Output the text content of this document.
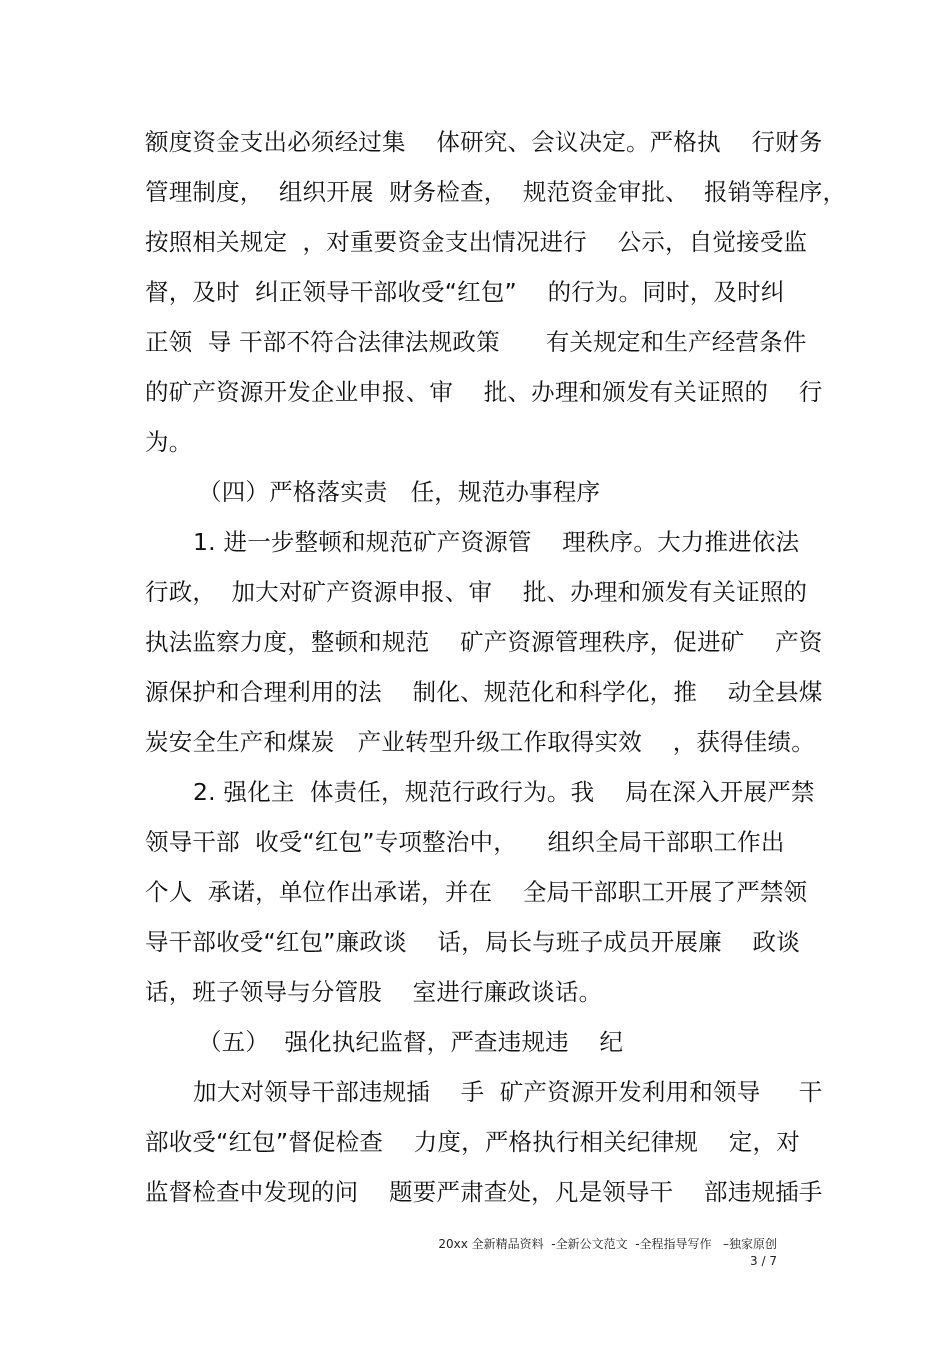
额度资金支出必须经过集    体研究、会议决定。严格执    行财务
管理制度，  组织开展  财务检查，  规范资金审批、  报销等程序，
按照相关规定  ，对重要资金支出情况进行    公示，自觉接受监
督，及时  纠正领导干部收受“红包”    的行为。同时，及时纠
正领  导 干部不符合法律法规政策      有关规定和生产经营条件
的矿产资源开发企业申报、审    批、办理和颁发有关证照的    行
为。
（四）严格落实责   任，规范办事程序
1. 进一步整顿和规范矿产资源管    理秩序。大力推进依法
行政，  加大对矿产资源申报、审    批、办理和颁发有关证照的
执法监察力度，整顿和规范    矿产资源管理秩序，促进矿    产资
源保护和合理利用的法    制化、规范化和科学化，推    动全县煤
炭安全生产和煤炭   产业转型升级工作取得实效    ，获得佳绩。
2. 强化主  体责任，规范行政行为。我    局在深入开展严禁
领导干部  收受“红包”专项整治中，    组织全局干部职工作出
个人  承诺，单位作出承诺，并在    全局干部职工开展了严禁领
导干部收受“红包”廉政谈    话，局长与班子成员开展廉    政谈
话，班子领导与分管股    室进行廉政谈话。
（五）  强化执纪监督，严查违规违    纪
加大对领导干部违规插    手  矿产资源开发利用和领导     干
部收受“红包”督促检查    力度，严格执行相关纪律规    定，对
监督检查中发现的问    题要严肃查处，凡是领导干    部违规插手
20xx 全新精品资料  -全新公文范文  -全程指导写作   –独家原创
3 / 7
